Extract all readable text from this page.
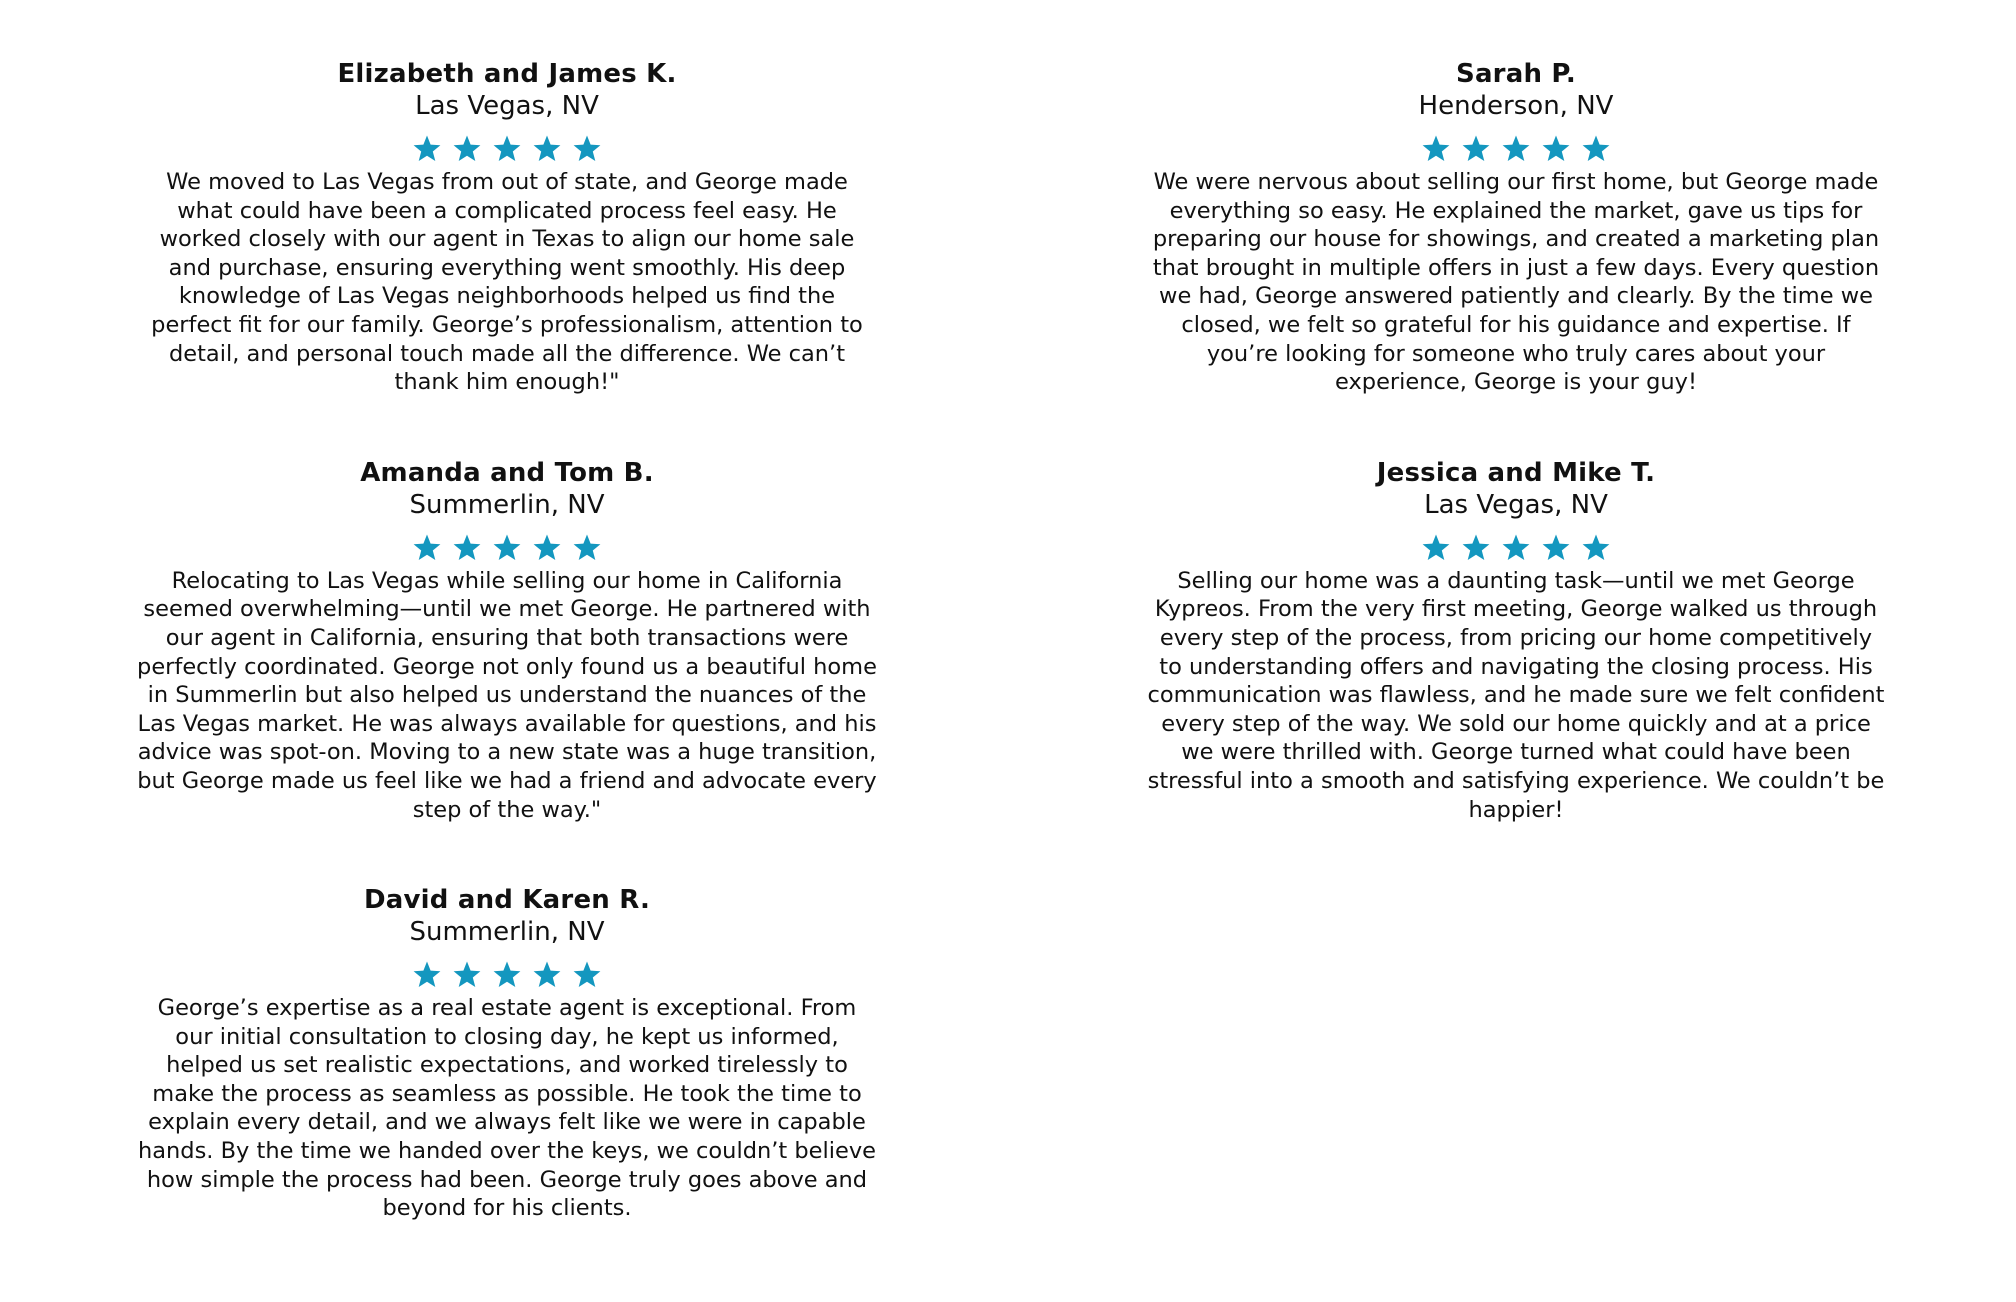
Elizabeth and James K.
Las Vegas, NV
We moved to Las Vegas from out of state, and George made what could have been a complicated process feel easy. He worked closely with our agent in Texas to align our home sale and purchase, ensuring everything went smoothly. His deep knowledge of Las Vegas neighborhoods helped us find the perfect fit for our family. George’s professionalism, attention to detail, and personal touch made all the difference. We can’t thank him enough!"
Amanda and Tom B.
Summerlin, NV
Relocating to Las Vegas while selling our home in California seemed overwhelming—until we met George. He partnered with our agent in California, ensuring that both transactions were perfectly coordinated. George not only found us a beautiful home in Summerlin but also helped us understand the nuances of the Las Vegas market. He was always available for questions, and his advice was spot-on. Moving to a new state was a huge transition, but George made us feel like we had a friend and advocate every step of the way."
David and Karen R.
Summerlin, NV
George’s expertise as a real estate agent is exceptional. From our initial consultation to closing day, he kept us informed, helped us set realistic expectations, and worked tirelessly to make the process as seamless as possible. He took the time to explain every detail, and we always felt like we were in capable hands. By the time we handed over the keys, we couldn’t believe how simple the process had been. George truly goes above and beyond for his clients.
Sarah P.
Henderson, NV
We were nervous about selling our first home, but George made everything so easy. He explained the market, gave us tips for preparing our house for showings, and created a marketing plan that brought in multiple offers in just a few days. Every question we had, George answered patiently and clearly. By the time we closed, we felt so grateful for his guidance and expertise. If you’re looking for someone who truly cares about your experience, George is your guy!
Jessica and Mike T.
Las Vegas, NV
Selling our home was a daunting task—until we met George Kypreos. From the very first meeting, George walked us through every step of the process, from pricing our home competitively to understanding offers and navigating the closing process. His communication was flawless, and he made sure we felt confident every step of the way. We sold our home quickly and at a price we were thrilled with. George turned what could have been stressful into a smooth and satisfying experience. We couldn’t be happier!
